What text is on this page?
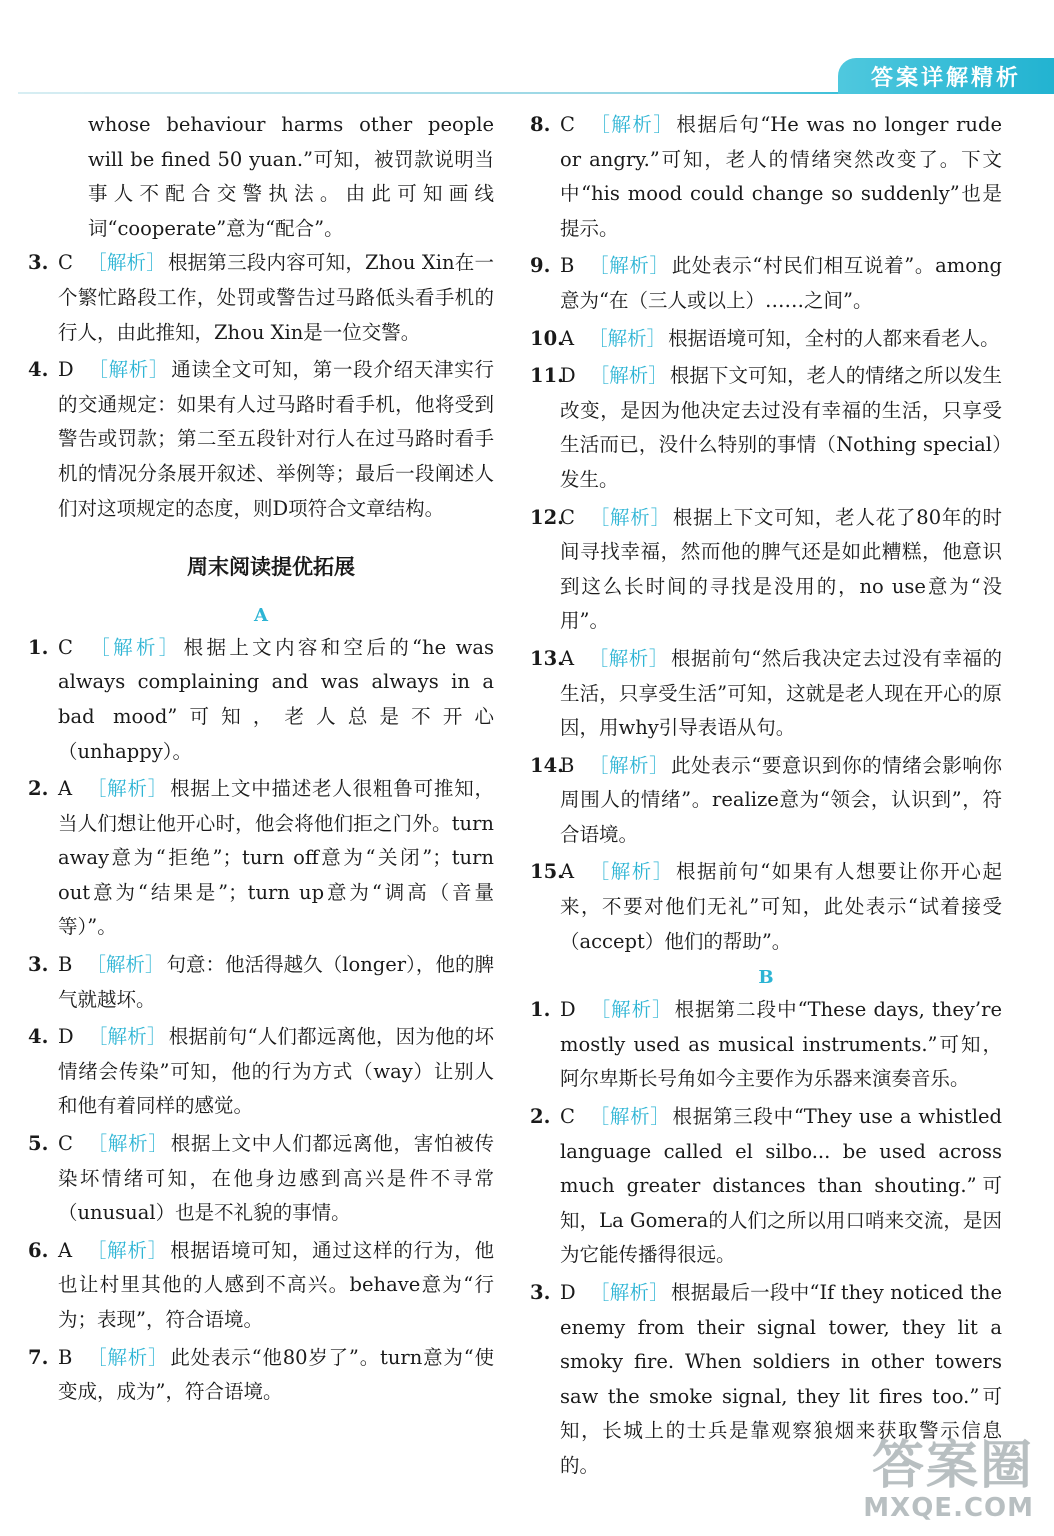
答案详解精析

whose behaviour harms other people will be fined 50 yuan.”可知，被罚款说明当事人不配合交警执法。由此可知画线词“cooperate”意为“配合”。

3. C ［解析］ 根据第三段内容可知，Zhou Xin在一个繁忙路段工作，处罚或警告过马路低头看手机的行人，由此推知，Zhou Xin是一位交警。
4. D ［解析］ 通读全文可知，第一段介绍天津实行的交通规定：如果有人过马路时看手机，他将受到警告或罚款；第二至五段针对行人在过马路时看手机的情况分条展开叙述、举例等；最后一段阐述人们对这项规定的态度，则D项符合文章结构。
周末阅读提优拓展
A
1. C ［解析］ 根据上文内容和空后的“he was always complaining and was always in a bad mood”可知，老人总是不开心（unhappy）。
2. A ［解析］ 根据上文中描述老人很粗鲁可推知，当人们想让他开心时，他会将他们拒之门外。turn away意为“拒绝”；turn off意为“关闭”；turn out意为“结果是”；turn up意为“调高（音量等）”。
3. B ［解析］ 句意：他活得越久（longer），他的脾气就越坏。
4. D ［解析］ 根据前句“人们都远离他，因为他的坏情绪会传染”可知，他的行为方式（way）让别人和他有着同样的感觉。
5. C ［解析］ 根据上文中人们都远离他，害怕被传染坏情绪可知，在他身边感到高兴是件不寻常（unusual）也是不礼貌的事情。
6. A ［解析］ 根据语境可知，通过这样的行为，他也让村里其他的人感到不高兴。behave意为“行为；表现”，符合语境。
7. B ［解析］ 此处表示“他80岁了”。turn意为“使变成，成为”，符合语境。
8. C ［解析］ 根据后句“He was no longer rude or angry.”可知，老人的情绪突然改变了。下文中“his mood could change so suddenly”也是提示。
9. B ［解析］ 此处表示“村民们相互说着”。among意为“在（三人或以上）……之间”。
10.
A ［解析］ 根据语境可知，全村的人都来看老人。
11.
D ［解析］ 根据下文可知，老人的情绪之所以发生改变，是因为他决定去过没有幸福的生活，只享受生活而已，没什么特别的事情（Nothing special）发生。
12.
C ［解析］ 根据上下文可知，老人花了80年的时间寻找幸福，然而他的脾气还是如此糟糕，他意识到这么长时间的寻找是没用的，no use意为“没用”。
13.
A ［解析］ 根据前句“然后我决定去过没有幸福的生活，只享受生活”可知，这就是老人现在开心的原因，用why引导表语从句。
14.
B ［解析］ 此处表示“要意识到你的情绪会影响你周围人的情绪”。realize意为“领会，认识到”，符合语境。
15.
A ［解析］ 根据前句“如果有人想要让你开心起来，不要对他们无礼”可知，此处表示“试着接受（accept）他们的帮助”。
B
1. D ［解析］ 根据第二段中“These days, they’re mostly used as musical instruments.”可知，阿尔卑斯长号角如今主要作为乐器来演奏音乐。
2. C ［解析］ 根据第三段中“They use a whistled language called el silbo... be used across much greater distances than shouting.”可知，La Gomera的人们之所以用口哨来交流，是因为它能传播得很远。
3. D ［解析］ 根据最后一段中“If they noticed the enemy from their signal tower, they lit a smoky fire. When soldiers in other towers saw the smoke signal, they lit fires too.”可知，长城上的士兵是靠观察狼烟来获取警示信息的。	答案圈
MXQE.COM
